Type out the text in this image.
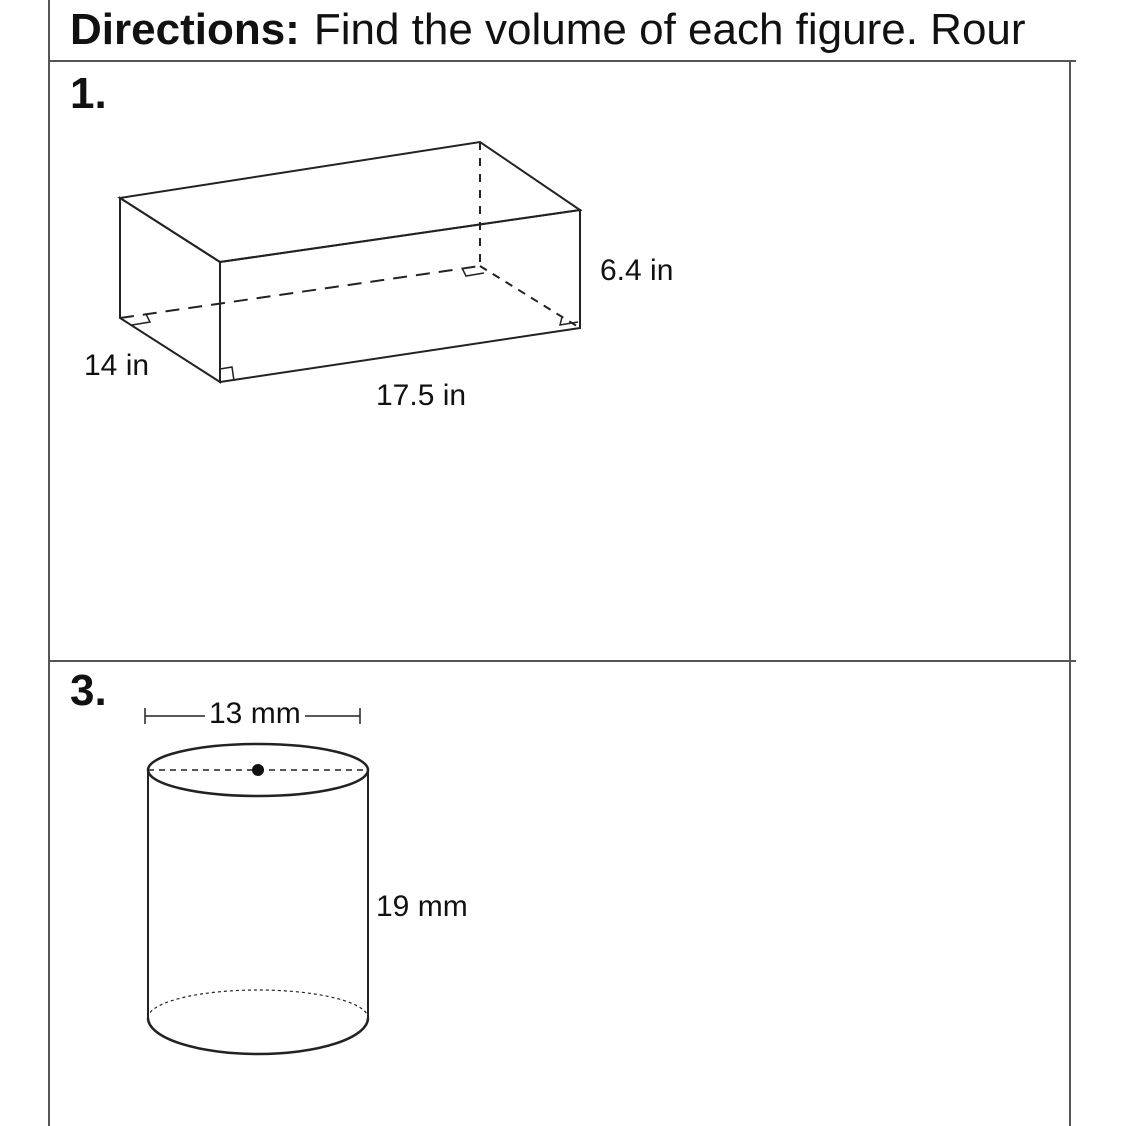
Directions: Find the volume of each figure. Rour
1.
17.5 in
14 in
6.4 in
3.	13 mm
19 mm
